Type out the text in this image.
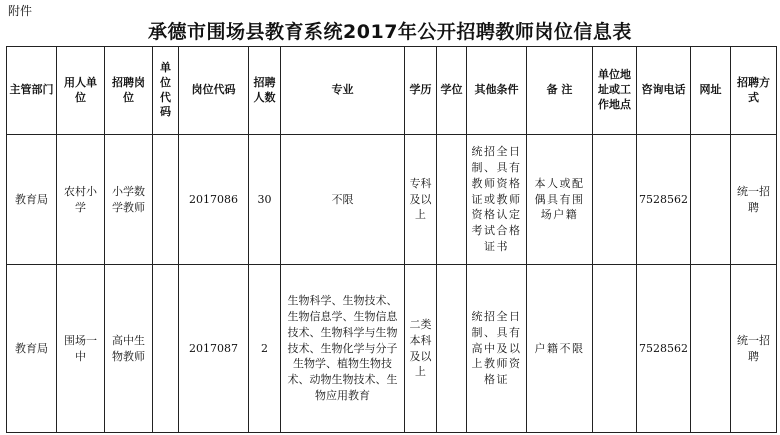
附件
承德市围场县教育系统2017年公开招聘教师岗位信息表
主管部门	用人单位	招聘岗位	单位代码	岗位代码	招聘人数	专业	学历	学位	其他条件	备 注	单位地址或工作地点	咨询电话	网址	招聘方式
教育局	农村小学	小学数学教师		2017086	30	不限	专科及以上		统招全日制、具有教师资格证或教师资格认定考试合格证书	本人或配偶具有围场户籍		7528562		统一招聘
教育局	围场一中	高中生物教师		2017087	2	生物科学、生物技术、生物信息学、生物信息技术、生物科学与生物技术、生物化学与分子生物学、植物生物技术、动物生物技术、生物应用教育	二类本科及以上		统招全日制、具有高中及以上教师资格证	户籍不限		7528562		统一招聘
